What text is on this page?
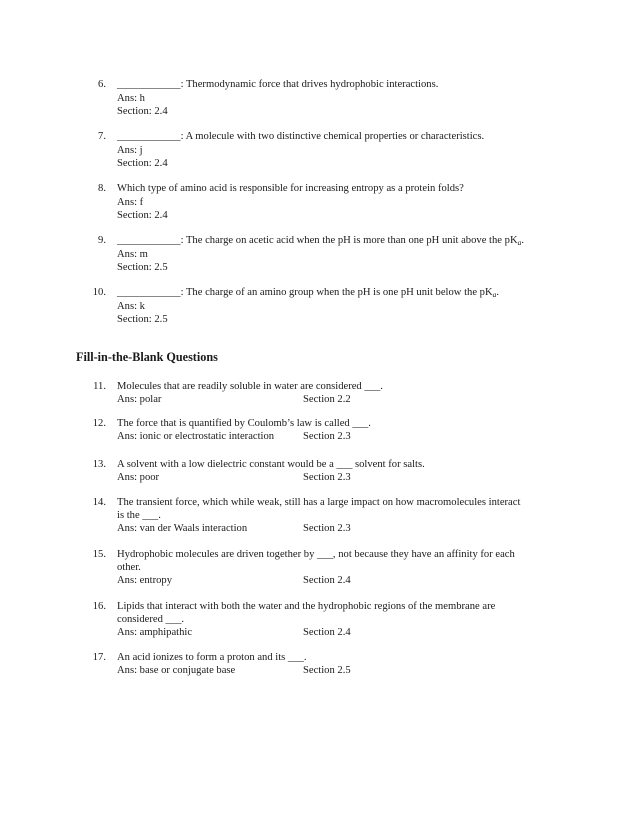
6. ____________: Thermodynamic force that drives hydrophobic interactions.
Ans: h
Section: 2.4
7. ____________: A molecule with two distinctive chemical properties or characteristics.
Ans: j
Section: 2.4
8. Which type of amino acid is responsible for increasing entropy as a protein folds?
Ans: f
Section: 2.4
9. ____________: The charge on acetic acid when the pH is more than one pH unit above the $pK_a$.
Ans: m
Section: 2.5
10. ____________: The charge of an amino group when the pH is one pH unit below the $pK_a$.
Ans: k
Section: 2.5
Fill-in-the-Blank Questions
11. Molecules that are readily soluble in water are considered ___.
Ans: polar	Section 2.2
12. The force that is quantified by Coulomb’s law is called ___.
Ans: ionic or electrostatic interaction	Section 2.3
13. A solvent with a low dielectric constant would be a ___ solvent for salts.
Ans: poor	Section 2.3
14. The transient force, which while weak, still has a large impact on how macromolecules interact
is the ___.
Ans: van der Waals interaction	Section 2.3
15. Hydrophobic molecules are driven together by ___, not because they have an affinity for each
other.
Ans: entropy	Section 2.4
16. Lipids that interact with both the water and the hydrophobic regions of the membrane are
considered ___.
Ans: amphipathic	Section 2.4
17. An acid ionizes to form a proton and its ___.
Ans: base or conjugate base	Section 2.5
